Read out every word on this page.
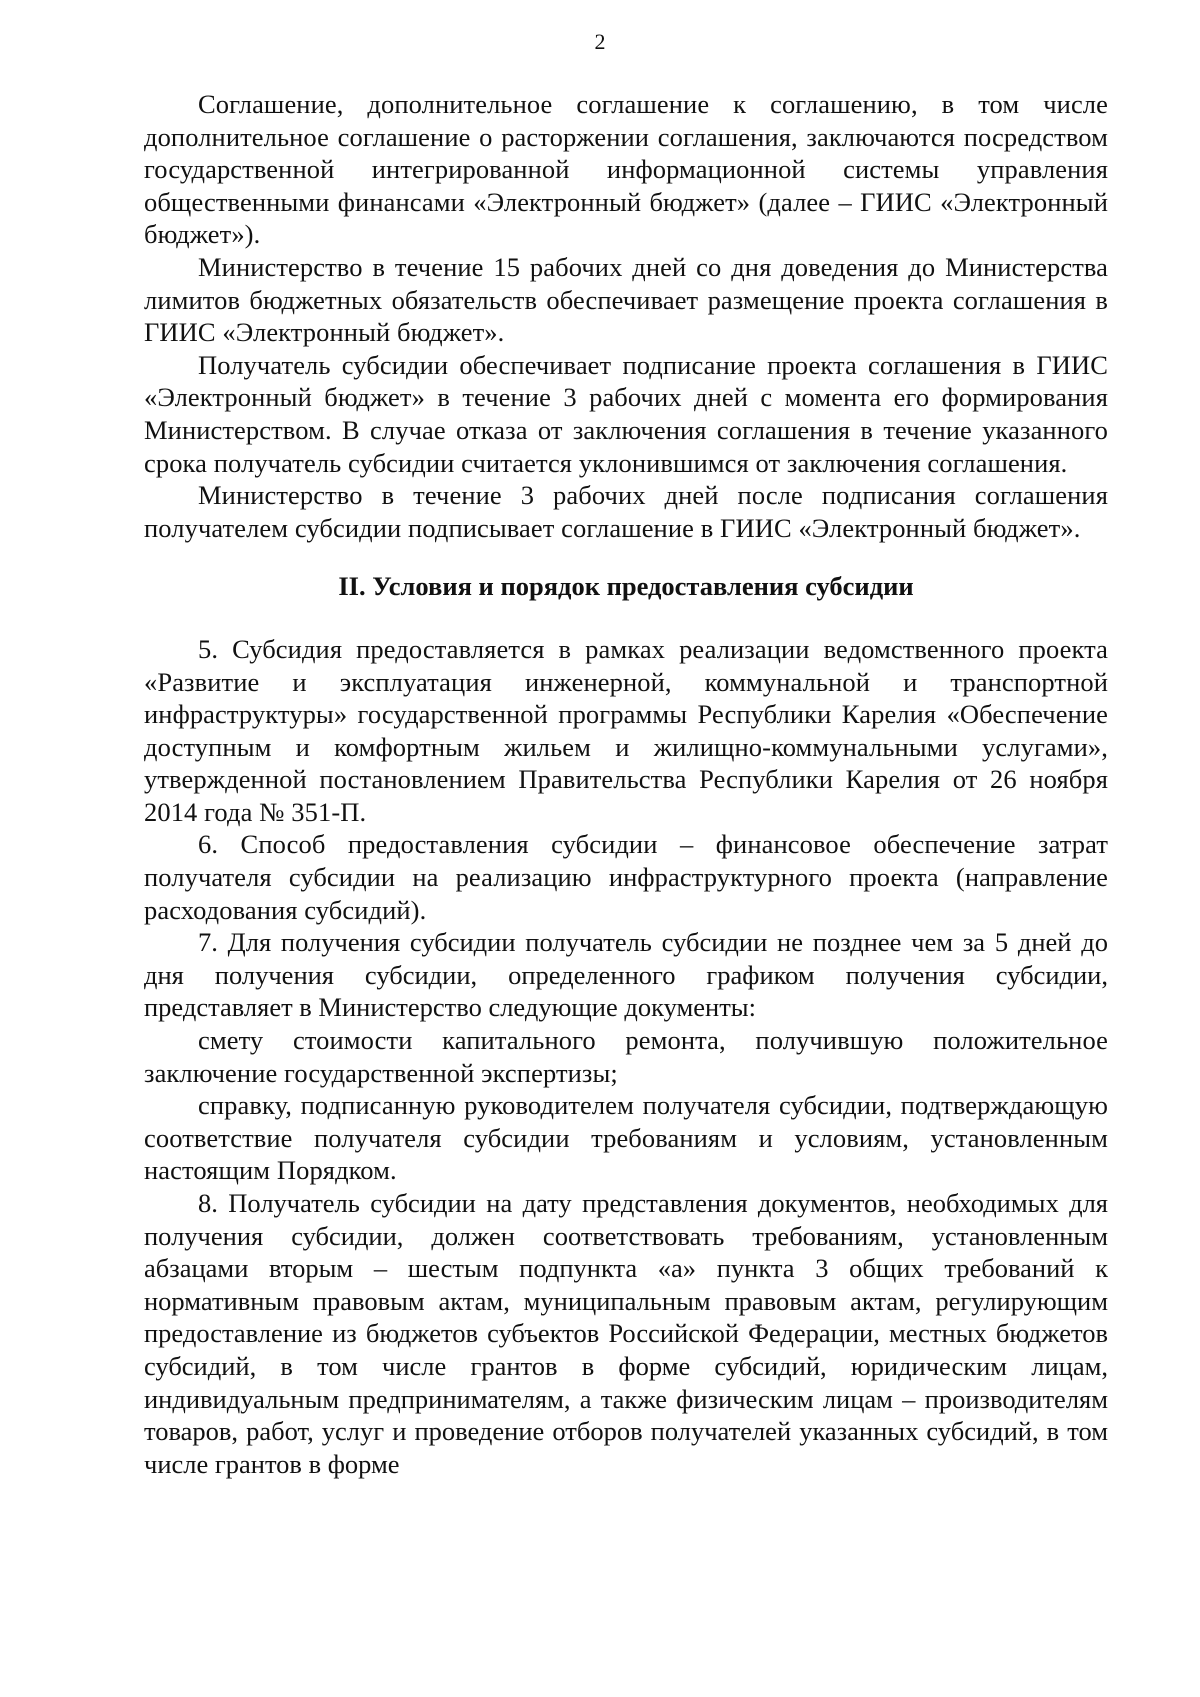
2

Соглашение, дополнительное соглашение к соглашению, в том числе дополнительное соглашение о расторжении соглашения, заключаются посредством государственной интегрированной информационной системы управления общественными финансами «Электронный бюджет» (далее – ГИИС «Электронный бюджет»).

Министерство в течение 15 рабочих дней со дня доведения до Министерства лимитов бюджетных обязательств обеспечивает размещение проекта соглашения в ГИИС «Электронный бюджет».

Получатель субсидии обеспечивает подписание проекта соглашения в ГИИС «Электронный бюджет» в течение 3 рабочих дней с момента его формирования Министерством. В случае отказа от заключения соглашения в течение указанного срока получатель субсидии считается уклонившимся от заключения соглашения.

Министерство в течение 3 рабочих дней после подписания соглашения получателем субсидии подписывает соглашение в ГИИС «Электронный бюджет».

II. Условия и порядок предоставления субсидии

5. Субсидия предоставляется в рамках реализации ведомственного проекта «Развитие и эксплуатация инженерной, коммунальной и транспортной инфраструктуры» государственной программы Республики Карелия «Обеспечение доступным и комфортным жильем и жилищно-коммунальными услугами», утвержденной постановлением Правительства Республики Карелия от 26 ноября 2014 года № 351-П.

6. Способ предоставления субсидии – финансовое обеспечение затрат получателя субсидии на реализацию инфраструктурного проекта (направление расходования субсидий).

7. Для получения субсидии получатель субсидии не позднее чем за 5 дней до дня получения субсидии, определенного графиком получения субсидии, представляет в Министерство следующие документы:

смету стоимости капитального ремонта, получившую положительное заключение государственной экспертизы;

справку, подписанную руководителем получателя субсидии, подтверждающую соответствие получателя субсидии требованиям и условиям, установленным настоящим Порядком.

8. Получатель субсидии на дату представления документов, необходимых для получения субсидии, должен соответствовать требованиям, установленным абзацами вторым – шестым подпункта «а» пункта 3 общих требований к нормативным правовым актам, муниципальным правовым актам, регулирующим предоставление из бюджетов субъектов Российской Федерации, местных бюджетов субсидий, в том числе грантов в форме субсидий, юридическим лицам, индивидуальным предпринимателям, а также физическим лицам – производителям товаров, работ, услуг и проведение отборов получателей указанных субсидий, в том числе грантов в форме
